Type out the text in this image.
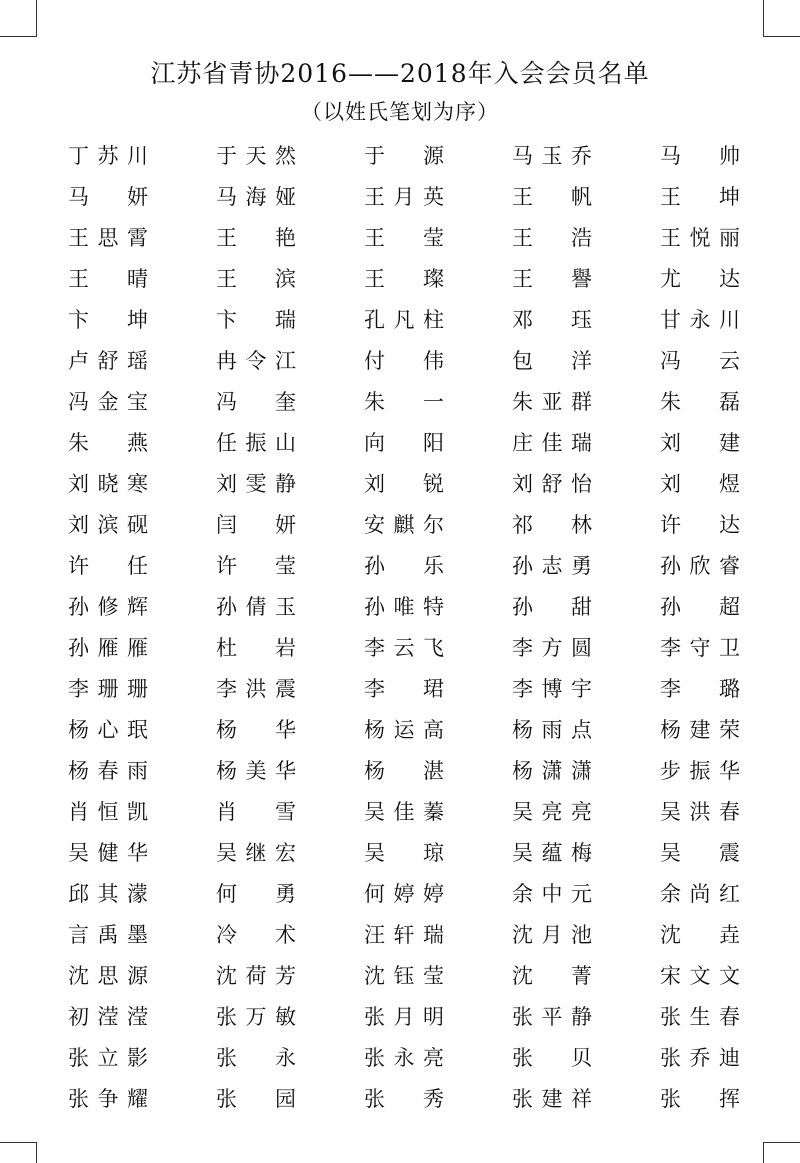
江苏省青协2016——2018年入会会员名单
（以姓氏笔划为序）
丁 苏 川	于 天 然	于 源	马 玉 乔	马 帅
马 妍	马 海 娅	王 月 英	王 帆	王 坤
王 思 霄	王 艳	王 莹	王 浩	王 悦 丽
王 晴	王 滨	王 璨	王 譽	尤 达
卞 坤	卞 瑞	孔 凡 柱	邓 珏	甘 永 川
卢 舒 瑶	冉 令 江	付 伟	包 洋	冯 云
冯 金 宝	冯 奎	朱 一	朱 亚 群	朱 磊
朱 燕	任 振 山	向 阳	庄 佳 瑞	刘 建
刘 晓 寒	刘 雯 静	刘 锐	刘 舒 怡	刘 煜
刘 滨 砚	闫 妍	安 麒 尔	祁 林	许 达
许 任	许 莹	孙 乐	孙 志 勇	孙 欣 睿
孙 修 辉	孙 倩 玉	孙 唯 特	孙 甜	孙 超
孙 雁 雁	杜 岩	李 云 飞	李 方 圆	李 守 卫
李 珊 珊	李 洪 震	李 珺	李 博 宇	李 璐
杨 心 珉	杨 华	杨 运 高	杨 雨 点	杨 建 荣
杨 春 雨	杨 美 华	杨 湛	杨 潇 潇	步 振 华
肖 恒 凯	肖 雪	吴 佳 蓁	吴 亮 亮	吴 洪 春
吴 健 华	吴 继 宏	吴 琼	吴 蕴 梅	吴 震
邱 其 濛	何 勇	何 婷 婷	余 中 元	余 尚 红
言 禹 墨	冷 术	汪 轩 瑞	沈 月 池	沈 垚
沈 思 源	沈 荷 芳	沈 钰 莹	沈 菁	宋 文 文
初 滢 滢	张 万 敏	张 月 明	张 平 静	张 生 春
张 立 影	张 永	张 永 亮	张 贝	张 乔 迪
张 争 耀	张 园	张 秀	张 建 祥	张 挥
